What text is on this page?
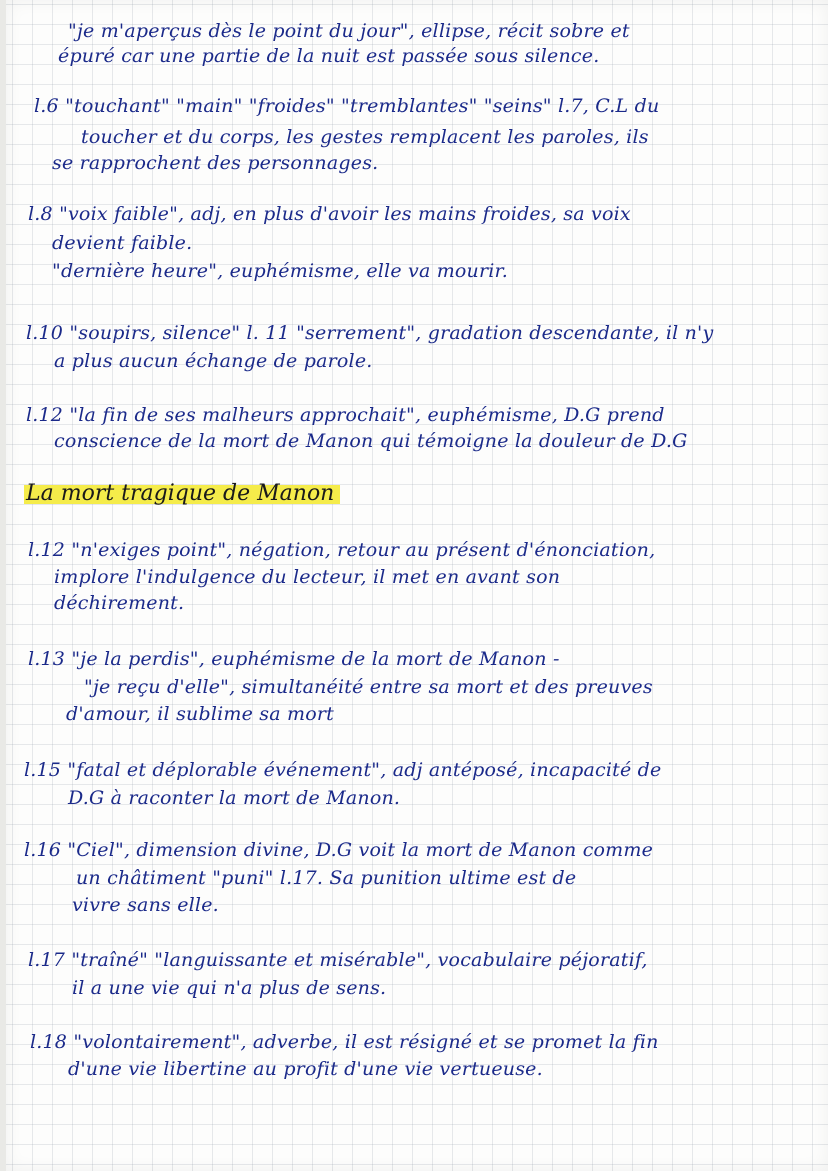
"je m'aperçus dès le point du jour", ellipse, récit sobre et
épuré car une partie de la nuit est passée sous silence.
l.6 "touchant" "main" "froides" "tremblantes" "seins" l.7, C.L du
toucher et du corps, les gestes remplacent les paroles, ils
se rapprochent des personnages.
l.8 "voix faible", adj, en plus d'avoir les mains froides, sa voix
devient faible.
"dernière heure", euphémisme, elle va mourir.
l.10 "soupirs, silence" l. 11 "serrement", gradation descendante, il n'y
a plus aucun échange de parole.
l.12 "la fin de ses malheurs approchait", euphémisme, D.G prend
conscience de la mort de Manon qui témoigne la douleur de D.G
La mort tragique de Manon
l.12 "n'exiges point", négation, retour au présent d'énonciation,
implore l'indulgence du lecteur, il met en avant son
déchirement.
l.13 "je la perdis", euphémisme de la mort de Manon -
"je reçu d'elle", simultanéité entre sa mort et des preuves
d'amour, il sublime sa mort
l.15 "fatal et déplorable événement", adj antéposé, incapacité de
D.G à raconter la mort de Manon.
l.16 "Ciel", dimension divine, D.G voit la mort de Manon comme
un châtiment "puni" l.17. Sa punition ultime est de
vivre sans elle.
l.17 "traîné" "languissante et misérable", vocabulaire péjoratif,
il a une vie qui n'a plus de sens.
l.18 "volontairement", adverbe, il est résigné et se promet la fin
d'une vie libertine au profit d'une vie vertueuse.
